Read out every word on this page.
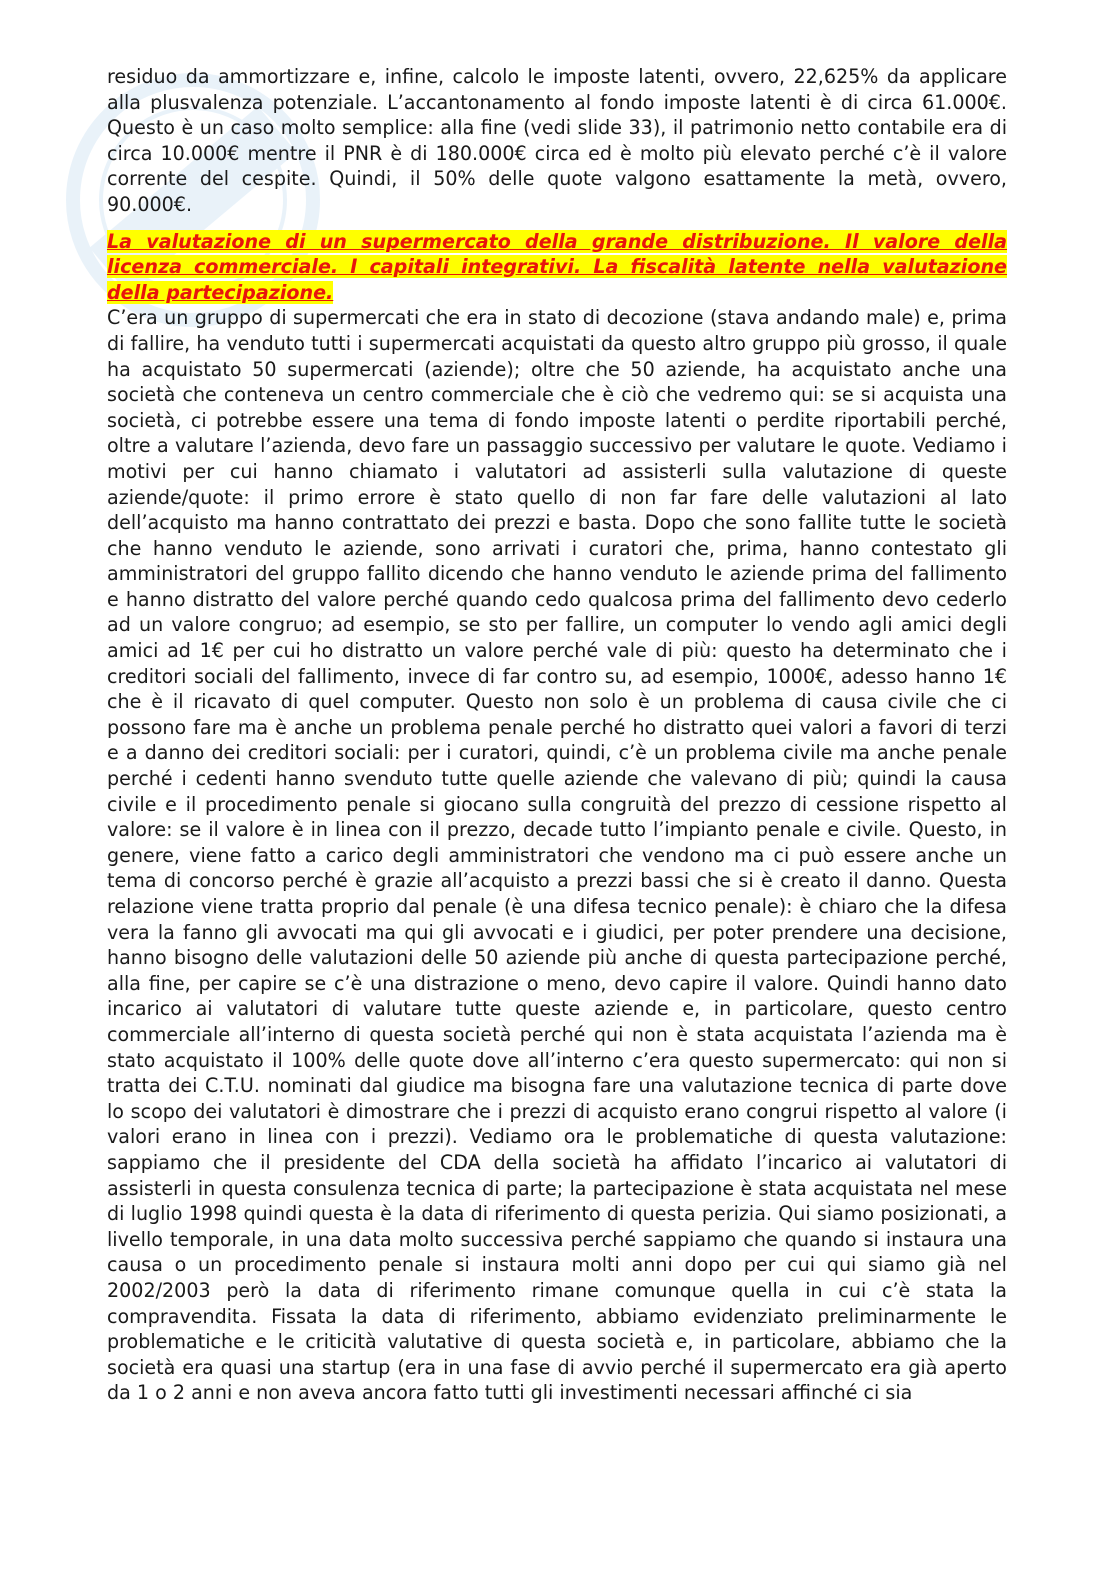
residuo da ammortizzare e, infine, calcolo le imposte latenti, ovvero, 22,625% da applicare alla plusvalenza potenziale. L’accantonamento al fondo imposte latenti è di circa 61.000€. Questo è un caso molto semplice: alla fine (vedi slide 33), il patrimonio netto contabile era di circa 10.000€ mentre il PNR è di 180.000€ circa ed è molto più elevato perché c’è il valore corrente del cespite. Quindi, il 50% delle quote valgono esattamente la metà, ovvero, 90.000€.

La valutazione di un supermercato della grande distribuzione. Il valore della licenza commerciale. I capitali integrativi. La fiscalità latente nella valutazione della partecipazione.

C’era un gruppo di supermercati che era in stato di decozione (stava andando male) e, prima di fallire, ha venduto tutti i supermercati acquistati da questo altro gruppo più grosso, il quale ha acquistato 50 supermercati (aziende); oltre che 50 aziende, ha acquistato anche una società che conteneva un centro commerciale che è ciò che vedremo qui: se si acquista una società, ci potrebbe essere una tema di fondo imposte latenti o perdite riportabili perché, oltre a valutare l’azienda, devo fare un passaggio successivo per valutare le quote. Vediamo i motivi per cui hanno chiamato i valutatori ad assisterli sulla valutazione di queste aziende/quote: il primo errore è stato quello di non far fare delle valutazioni al lato dell’acquisto ma hanno contrattato dei prezzi e basta. Dopo che sono fallite tutte le società che hanno venduto le aziende, sono arrivati i curatori che, prima, hanno contestato gli amministratori del gruppo fallito dicendo che hanno venduto le aziende prima del fallimento e hanno distratto del valore perché quando cedo qualcosa prima del fallimento devo cederlo ad un valore congruo; ad esempio, se sto per fallire, un computer lo vendo agli amici degli amici ad 1€ per cui ho distratto un valore perché vale di più: questo ha determinato che i creditori sociali del fallimento, invece di far contro su, ad esempio, 1000€, adesso hanno 1€ che è il ricavato di quel computer. Questo non solo è un problema di causa civile che ci possono fare ma è anche un problema penale perché ho distratto quei valori a favori di terzi e a danno dei creditori sociali: per i curatori, quindi, c’è un problema civile ma anche penale perché i cedenti hanno svenduto tutte quelle aziende che valevano di più; quindi la causa civile e il procedimento penale si giocano sulla congruità del prezzo di cessione rispetto al valore: se il valore è in linea con il prezzo, decade tutto l’impianto penale e civile. Questo, in genere, viene fatto a carico degli amministratori che vendono ma ci può essere anche un tema di concorso perché è grazie all’acquisto a prezzi bassi che si è creato il danno. Questa relazione viene tratta proprio dal penale (è una difesa tecnico penale): è chiaro che la difesa vera la fanno gli avvocati ma qui gli avvocati e i giudici, per poter prendere una decisione, hanno bisogno delle valutazioni delle 50 aziende più anche di questa partecipazione perché, alla fine, per capire se c’è una distrazione o meno, devo capire il valore. Quindi hanno dato incarico ai valutatori di valutare tutte queste aziende e, in particolare, questo centro commerciale all’interno di questa società perché qui non è stata acquistata l’azienda ma è stato acquistato il 100% delle quote dove all’interno c’era questo supermercato: qui non si tratta dei C.T.U. nominati dal giudice ma bisogna fare una valutazione tecnica di parte dove lo scopo dei valutatori è dimostrare che i prezzi di acquisto erano congrui rispetto al valore (i valori erano in linea con i prezzi). Vediamo ora le problematiche di questa valutazione: sappiamo che il presidente del CDA della società ha affidato l’incarico ai valutatori di assisterli in questa consulenza tecnica di parte; la partecipazione è stata acquistata nel mese di luglio 1998 quindi questa è la data di riferimento di questa perizia. Qui siamo posizionati, a livello temporale, in una data molto successiva perché sappiamo che quando si instaura una causa o un procedimento penale si instaura molti anni dopo per cui qui siamo già nel 2002/2003 però la data di riferimento rimane comunque quella in cui c’è stata la compravendita. Fissata la data di riferimento, abbiamo evidenziato preliminarmente le problematiche e le criticità valutative di questa società e, in particolare, abbiamo che la società era quasi una startup (era in una fase di avvio perché il supermercato era già aperto da 1 o 2 anni e non aveva ancora fatto tutti gli investimenti necessari affinché ci sia
